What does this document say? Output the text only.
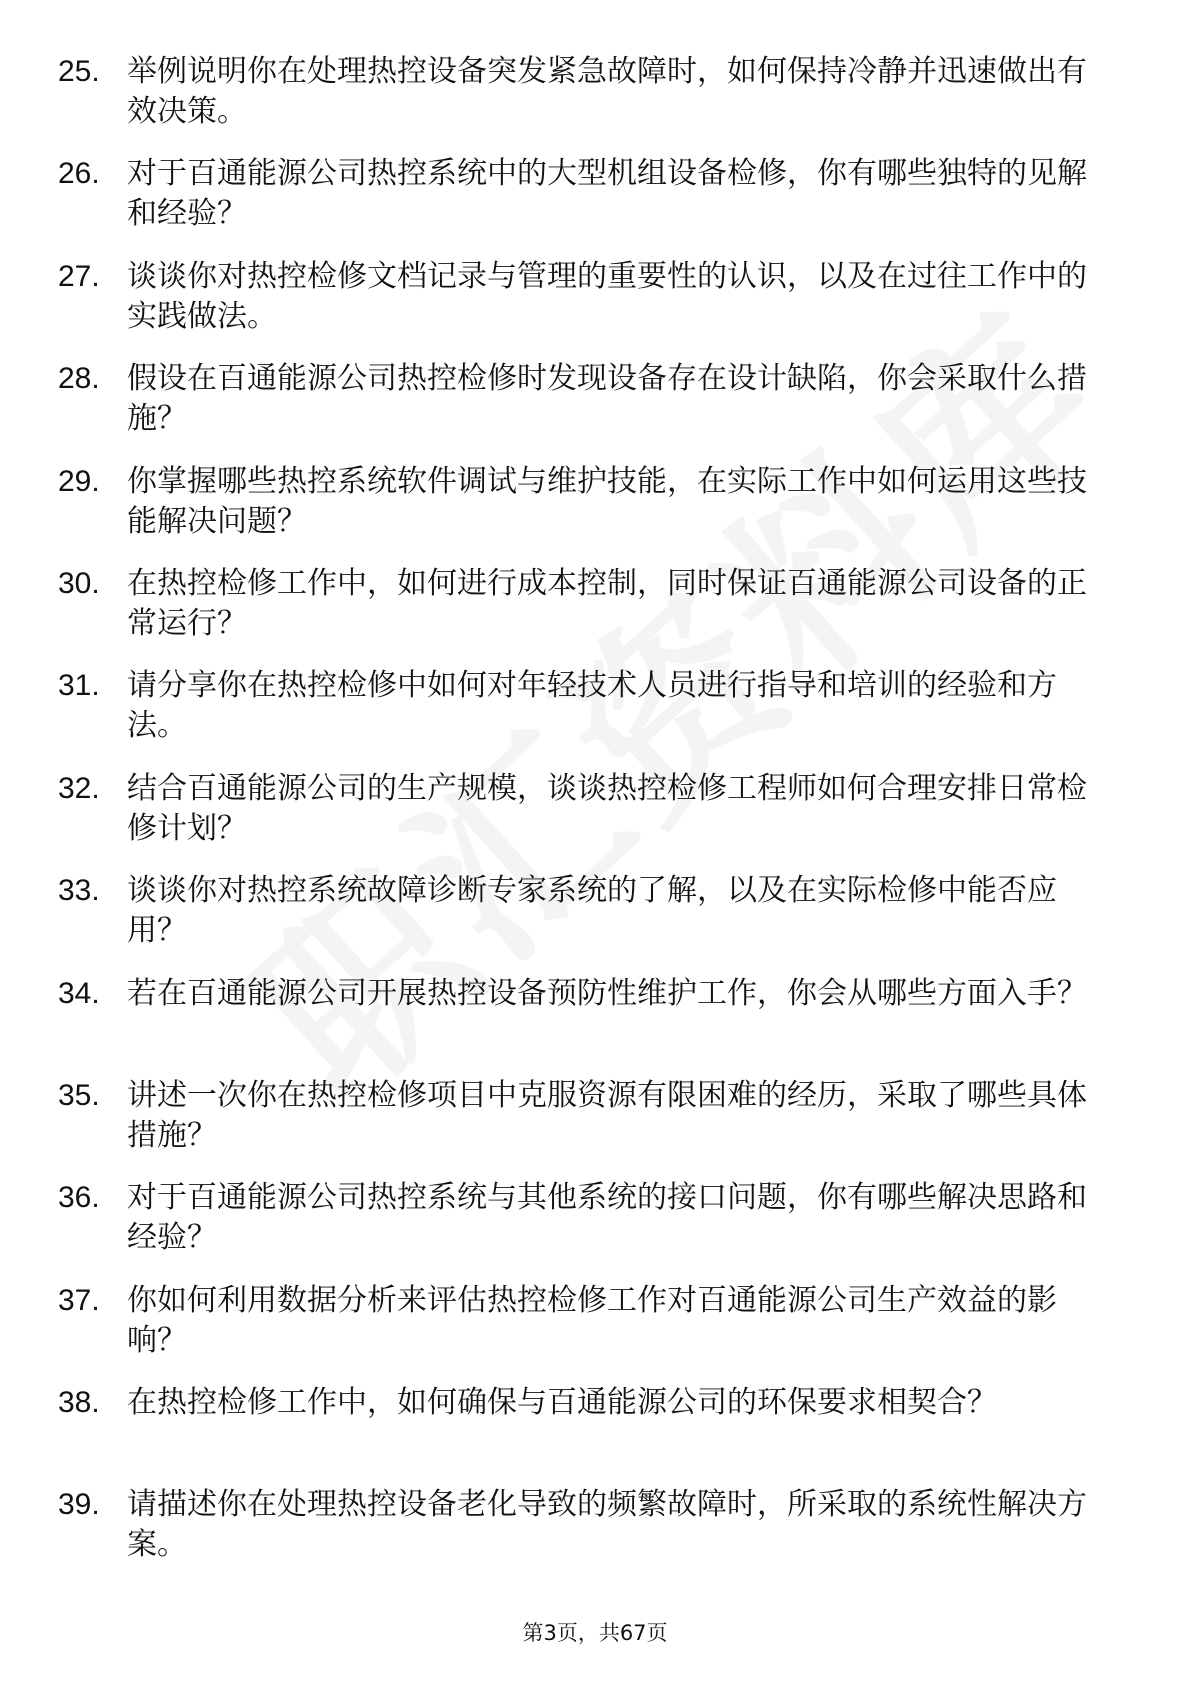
25. 举例说明你在处理热控设备突发紧急故障时，如何保持冷静并迅速做出有效决策。
26. 对于百通能源公司热控系统中的大型机组设备检修，你有哪些独特的见解和经验？
27. 谈谈你对热控检修文档记录与管理的重要性的认识，以及在过往工作中的实践做法。
28. 假设在百通能源公司热控检修时发现设备存在设计缺陷，你会采取什么措施？
29. 你掌握哪些热控系统软件调试与维护技能，在实际工作中如何运用这些技能解决问题？
30. 在热控检修工作中，如何进行成本控制，同时保证百通能源公司设备的正常运行？
31. 请分享你在热控检修中如何对年轻技术人员进行指导和培训的经验和方法。
32. 结合百通能源公司的生产规模，谈谈热控检修工程师如何合理安排日常检修计划？
33. 谈谈你对热控系统故障诊断专家系统的了解，以及在实际检修中能否应用？
34. 若在百通能源公司开展热控设备预防性维护工作，你会从哪些方面入手？
35. 讲述一次你在热控检修项目中克服资源有限困难的经历，采取了哪些具体措施？
36. 对于百通能源公司热控系统与其他系统的接口问题，你有哪些解决思路和经验？
37. 你如何利用数据分析来评估热控检修工作对百通能源公司生产效益的影响？
38. 在热控检修工作中，如何确保与百通能源公司的环保要求相契合？
39. 请描述你在处理热控设备老化导致的频繁故障时，所采取的系统性解决方案。
第3页，共67页
